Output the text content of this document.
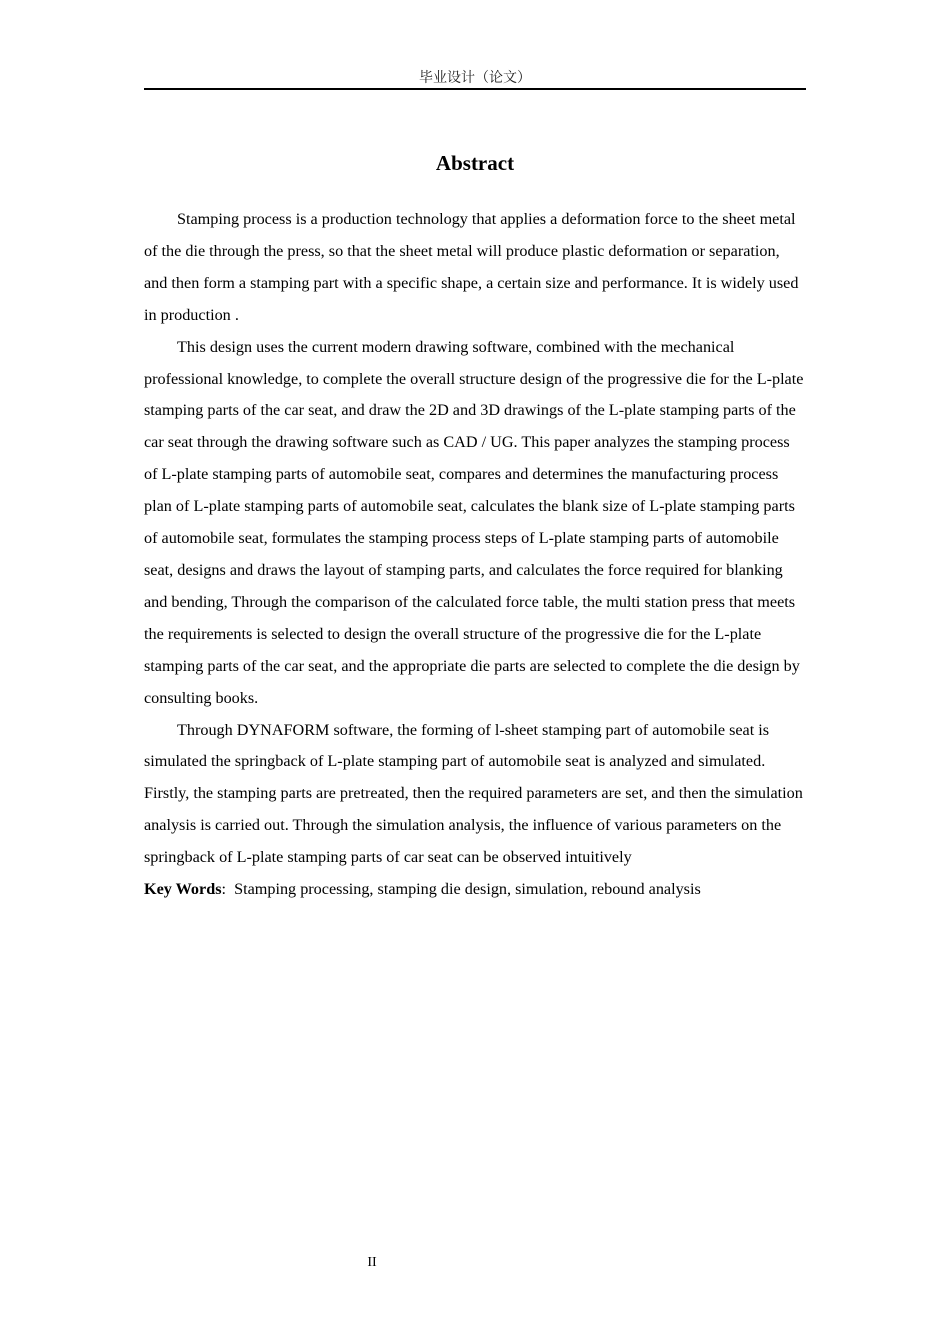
毕业设计（论文）
Abstract

Stamping process is a production technology that applies a deformation force to the sheet metal of the die through the press, so that the sheet metal will produce plastic deformation or separation, and then form a stamping part with a specific shape, a certain size and performance. It is widely used in production .

This design uses the current modern drawing software, combined with the mechanical professional knowledge, to complete the overall structure design of the progressive die for the L-plate stamping parts of the car seat, and draw the 2D and 3D drawings of the L-plate stamping parts of the car seat through the drawing software such as CAD / UG. This paper analyzes the stamping process of L-plate stamping parts of automobile seat, compares and determines the manufacturing process plan of L-plate stamping parts of automobile seat, calculates the blank size of L-plate stamping parts of automobile seat, formulates the stamping process steps of L-plate stamping parts of automobile seat, designs and draws the layout of stamping parts, and calculates the force required for blanking and bending, Through the comparison of the calculated force table, the multi station press that meets the requirements is selected to design the overall structure of the progressive die for the L-plate stamping parts of the car seat, and the appropriate die parts are selected to complete the die design by consulting books.

Through DYNAFORM software, the forming of l-sheet stamping part of automobile seat is simulated the springback of L-plate stamping part of automobile seat is analyzed and simulated. Firstly, the stamping parts are pretreated, then the required parameters are set, and then the simulation analysis is carried out. Through the simulation analysis, the influence of various parameters on the springback of L-plate stamping parts of car seat can be observed intuitively

Key Words:  Stamping processing, stamping die design, simulation, rebound analysis

II
